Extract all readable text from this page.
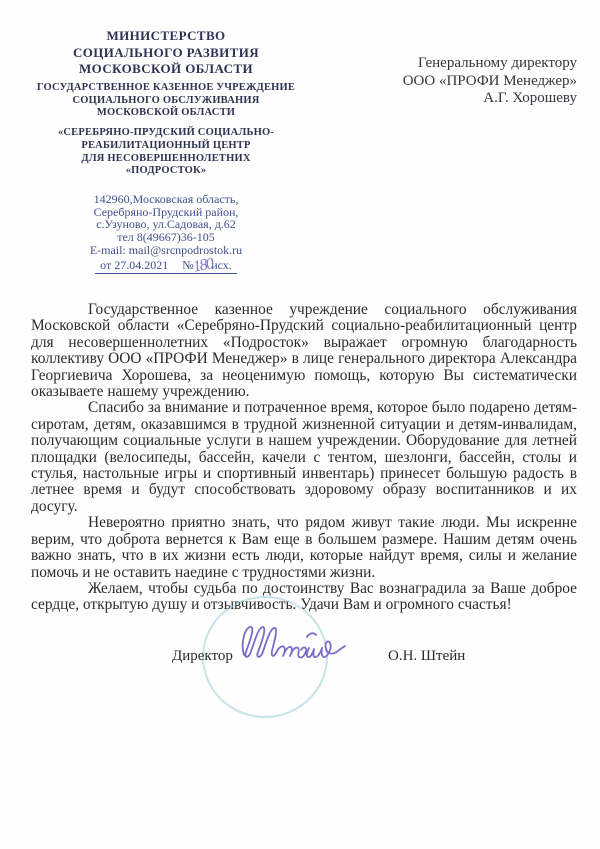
МИНИСТЕРСТВО
СОЦИАЛЬНОГО РАЗВИТИЯ
МОСКОВСКОЙ ОБЛАСТИ
ГОСУДАРСТВЕННОЕ КАЗЕННОЕ УЧРЕЖДЕНИЕ
СОЦИАЛЬНОГО ОБСЛУЖИВАНИЯ
МОСКОВСКОЙ ОБЛАСТИ
«СЕРЕБРЯНО-ПРУДСКИЙ СОЦИАЛЬНО-
РЕАБИЛИТАЦИОННЫЙ ЦЕНТР
ДЛЯ НЕСОВЕРШЕННОЛЕТНИХ
«ПОДРОСТОК»
142960,Московская область,
Серебряно-Прудский район,
с.Узуново, ул.Садовая, д.62
тел 8(49667)36-105
E-mail: mail@srcnpodrostok.ru
от 27.04.2021 №180исх.
Генеральному директору
ООО «ПРОФИ Менеджер»
А.Г. Хорошеву

Государственное казенное учреждение социального обслуживания Московской области «Серебряно-Прудский социально-реабилитационный центр для несовершеннолетних «Подросток» выражает огромную благодарность коллективу ООО «ПРОФИ Менеджер» в лице генерального директора Александра Георгиевича Хорошева, за неоценимую помощь, которую Вы систематически оказываете нашему учреждению.

Спасибо за внимание и потраченное время, которое было подарено детям-сиротам, детям, оказавшимся в трудной жизненной ситуации и детям-инвалидам, получающим социальные услуги в нашем учреждении. Оборудование для летней площадки (велосипеды, бассейн, качели с тентом, шезлонги, бассейн, столы и стулья, настольные игры и спортивный инвентарь) принесет большую радость в летнее время и будут способствовать здоровому образу воспитанников и их досугу.

Невероятно приятно знать, что рядом живут такие люди. Мы искренне верим, что доброта вернется к Вам еще в большем размере. Нашим детям очень важно знать, что в их жизни есть люди, которые найдут время, силы и желание помочь и не оставить наедине с трудностями жизни.

Желаем, чтобы судьба по достоинству Вас вознаградила за Ваше доброе сердце, открытую душу и отзывчивость. Удачи Вам и огромного счастья!

Директор	О.Н. Штейн
